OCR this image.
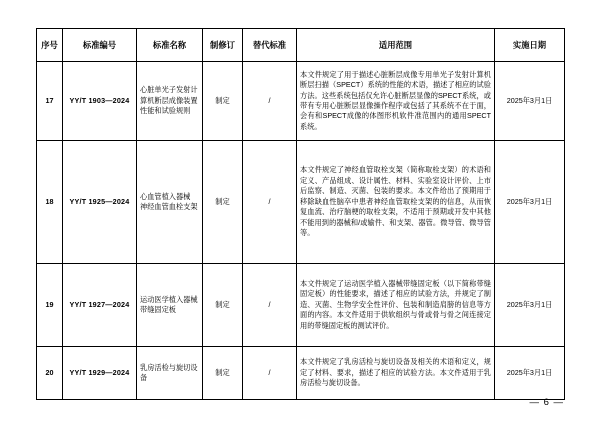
序号	标准编号	标准名称	制修订	替代标准	适用范围	实施日期
17	YY/T 1903—2024	心脏单光子发射计算机断层成像装置 性能和试验规则	制定	/	本文件规定了用于描述心脏断层成像专用单光子发射计算机断层扫描（SPECT）系统的性能的术语，描述了相应的试验方法。这些系统包括仅允许心脏断层显像的SPECT系统，或带有专用心脏断层显像操作程序或包括了其系统不在于面，会有和SPECT成像的体图形机软件准范围内的通用SPECT系统。	2025年3月1日
18	YY/T 1925—2024	心血管植入器械 神经血管血栓支架	制定	/	本文件规定了神经血管取栓支架（简称取栓支架）的术语和定义、产品组成、设计属性、材料、实验室设计评价、上市后监察、制造、灭菌、包装的要求。本文件给出了预期用于移除缺血性脑卒中患者神经血管取栓支架的的信息，从而恢复血流、治疗脑梗的取栓支架，不适用于预期或开发中其他不能用到的器械和/或输件、和支架、器管。微导管、微导管等。	2025年3月1日
19	YY/T 1927—2024	运动医学植入器械 带缝固定板	制定	/	本文件规定了运动医学植入器械带缝固定板（以下简称带缝固定板）的性能要求，描述了相应的试验方法，并规定了制造、灭菌、生物学安全性评价、包装和制造肩膀的信息等方面的内容。本文件适用于供软组织与骨或骨与骨之间连接定用的带缝固定板的测试评价。	2025年3月1日
20	YY/T 1929—2024	乳房活检与旋切设备	制定	/	本文件规定了乳房活检与旋切设备及相关的术语和定义，规定了材料、要求，描述了相应的试验方法。本文件适用于乳房活检与旋切设备。	2025年3月1日
— 6 —
